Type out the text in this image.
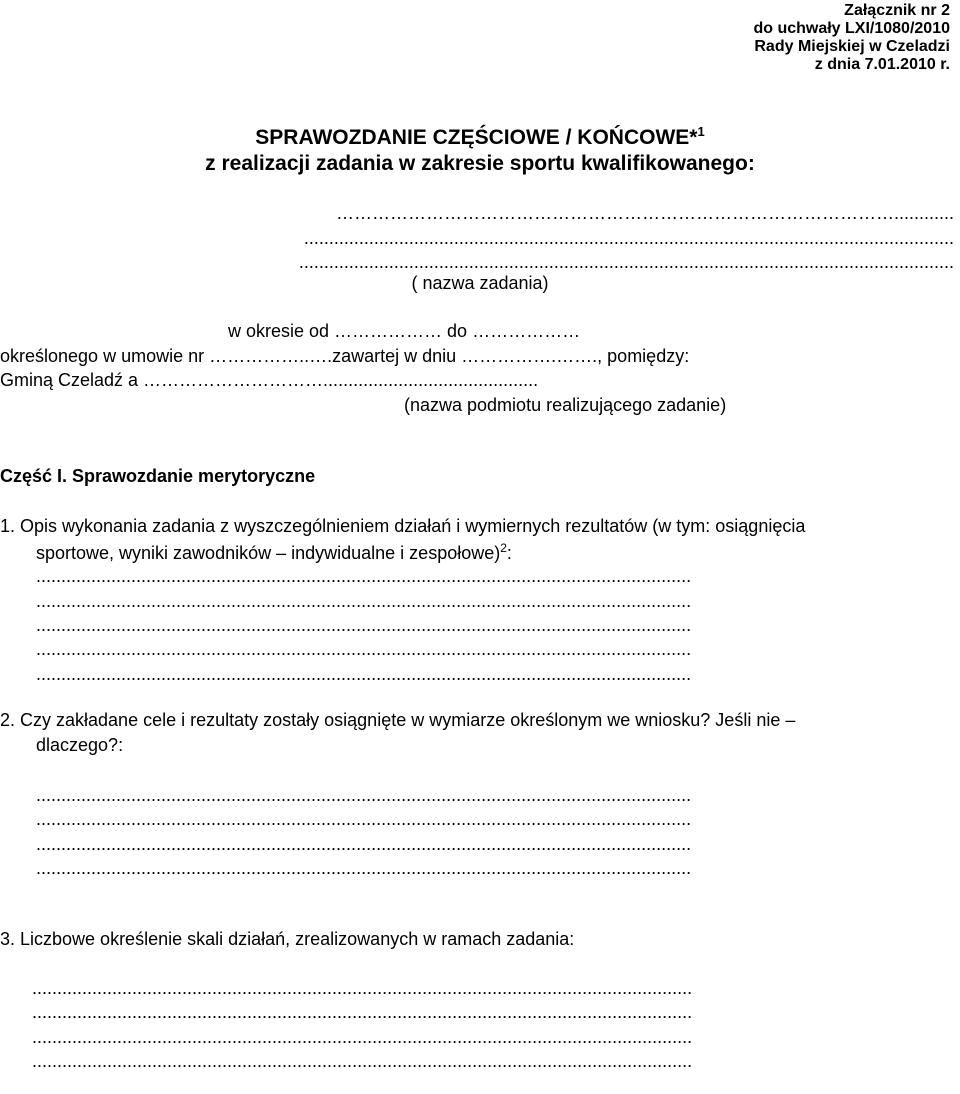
Załącznik nr 2
do uchwały LXI/1080/2010
Rady Miejskiej w Czeladzi
z dnia 7.01.2010 r.
SPRAWOZDANIE CZĘŚCIOWE / KOŃCOWE*$^1$
z realizacji zadania w zakresie sportu kwalifikowanego:
…………………………………………………………………………………............
..................................................................................................................................
...................................................................................................................................
( nazwa zadania)
w okresie od ……………… do ………………
określonego w umowie nr ……………..….zawartej w dniu …………….……., pomiędzy:
Gminą Czeladź a …………………………...........................................
(nazwa podmiotu realizującego zadanie)
Część I. Sprawozdanie merytoryczne
1. Opis wykonania zadania z wyszczególnieniem działań i wymiernych rezultatów (w tym: osiągnięcia
sportowe, wyniki zawodników – indywidualne i zespołowe)$^2$:
...................................................................................................................................
...................................................................................................................................
...................................................................................................................................
...................................................................................................................................
...................................................................................................................................
2. Czy zakładane cele i rezultaty zostały osiągnięte w wymiarze określonym we wniosku? Jeśli nie –
dlaczego?:
...................................................................................................................................
...................................................................................................................................
...................................................................................................................................
...................................................................................................................................
3. Liczbowe określenie skali działań, zrealizowanych w ramach zadania:
....................................................................................................................................
....................................................................................................................................
....................................................................................................................................
....................................................................................................................................
